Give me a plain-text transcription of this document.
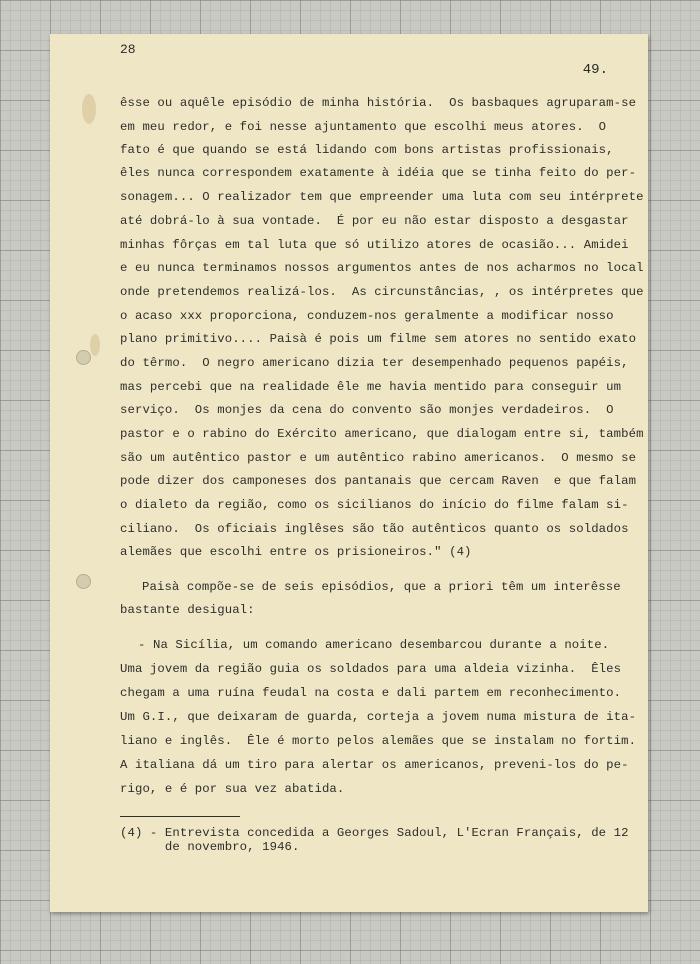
28
49.
êsse ou aquêle episódio de minha história.  Os basbaques agruparam-se
em meu redor, e foi nesse ajuntamento que escolhi meus atores.  O
fato é que quando se está lidando com bons artistas profissionais,
êles nunca correspondem exatamente à idéia que se tinha feito do per-
sonagem... O realizador tem que empreender uma luta com seu intérprete
até dobrá-lo à sua vontade.  É por eu não estar disposto a desgastar
minhas fôrças em tal luta que só utilizo atores de ocasião... Amidei
e eu nunca terminamos nossos argumentos antes de nos acharmos no local
onde pretendemos realizá-los.  As circunstâncias, , os intérpretes que
o acaso xxx proporciona, conduzem-nos geralmente a modificar nosso
plano primitivo.... Paisà é pois um filme sem atores no sentido exato
do têrmo.  O negro americano dizia ter desempenhado pequenos papéis,
mas percebi que na realidade êle me havia mentido para conseguir um
serviço.  Os monjes da cena do convento são monjes verdadeiros.  O
pastor e o rabino do Exército americano, que dialogam entre si, também
são um autêntico pastor e um autêntico rabino americanos.  O mesmo se
pode dizer dos camponeses dos pantanais que cercam Raven  e que falam
o dialeto da região, como os sicilianos do início do filme falam si-
ciliano.  Os oficiais inglêses são tão autênticos quanto os soldados
alemães que escolhi entre os prisioneiros." (4)
Paisà compõe-se de seis episódios, que a priori têm um interêsse
bastante desigual:
- Na Sicília, um comando americano desembarcou durante a noite.
Uma jovem da região guia os soldados para uma aldeia vizinha.  Êles
chegam a uma ruína feudal na costa e dali partem em reconhecimento.
Um G.I., que deixaram de guarda, corteja a jovem numa mistura de ita-
liano e inglês.  Êle é morto pelos alemães que se instalam no fortim.
A italiana dá um tiro para alertar os americanos, preveni-los do pe-
rigo, e é por sua vez abatida.
(4) - Entrevista concedida a Georges Sadoul, L'Ecran Français, de 12
de novembro, 1946.
